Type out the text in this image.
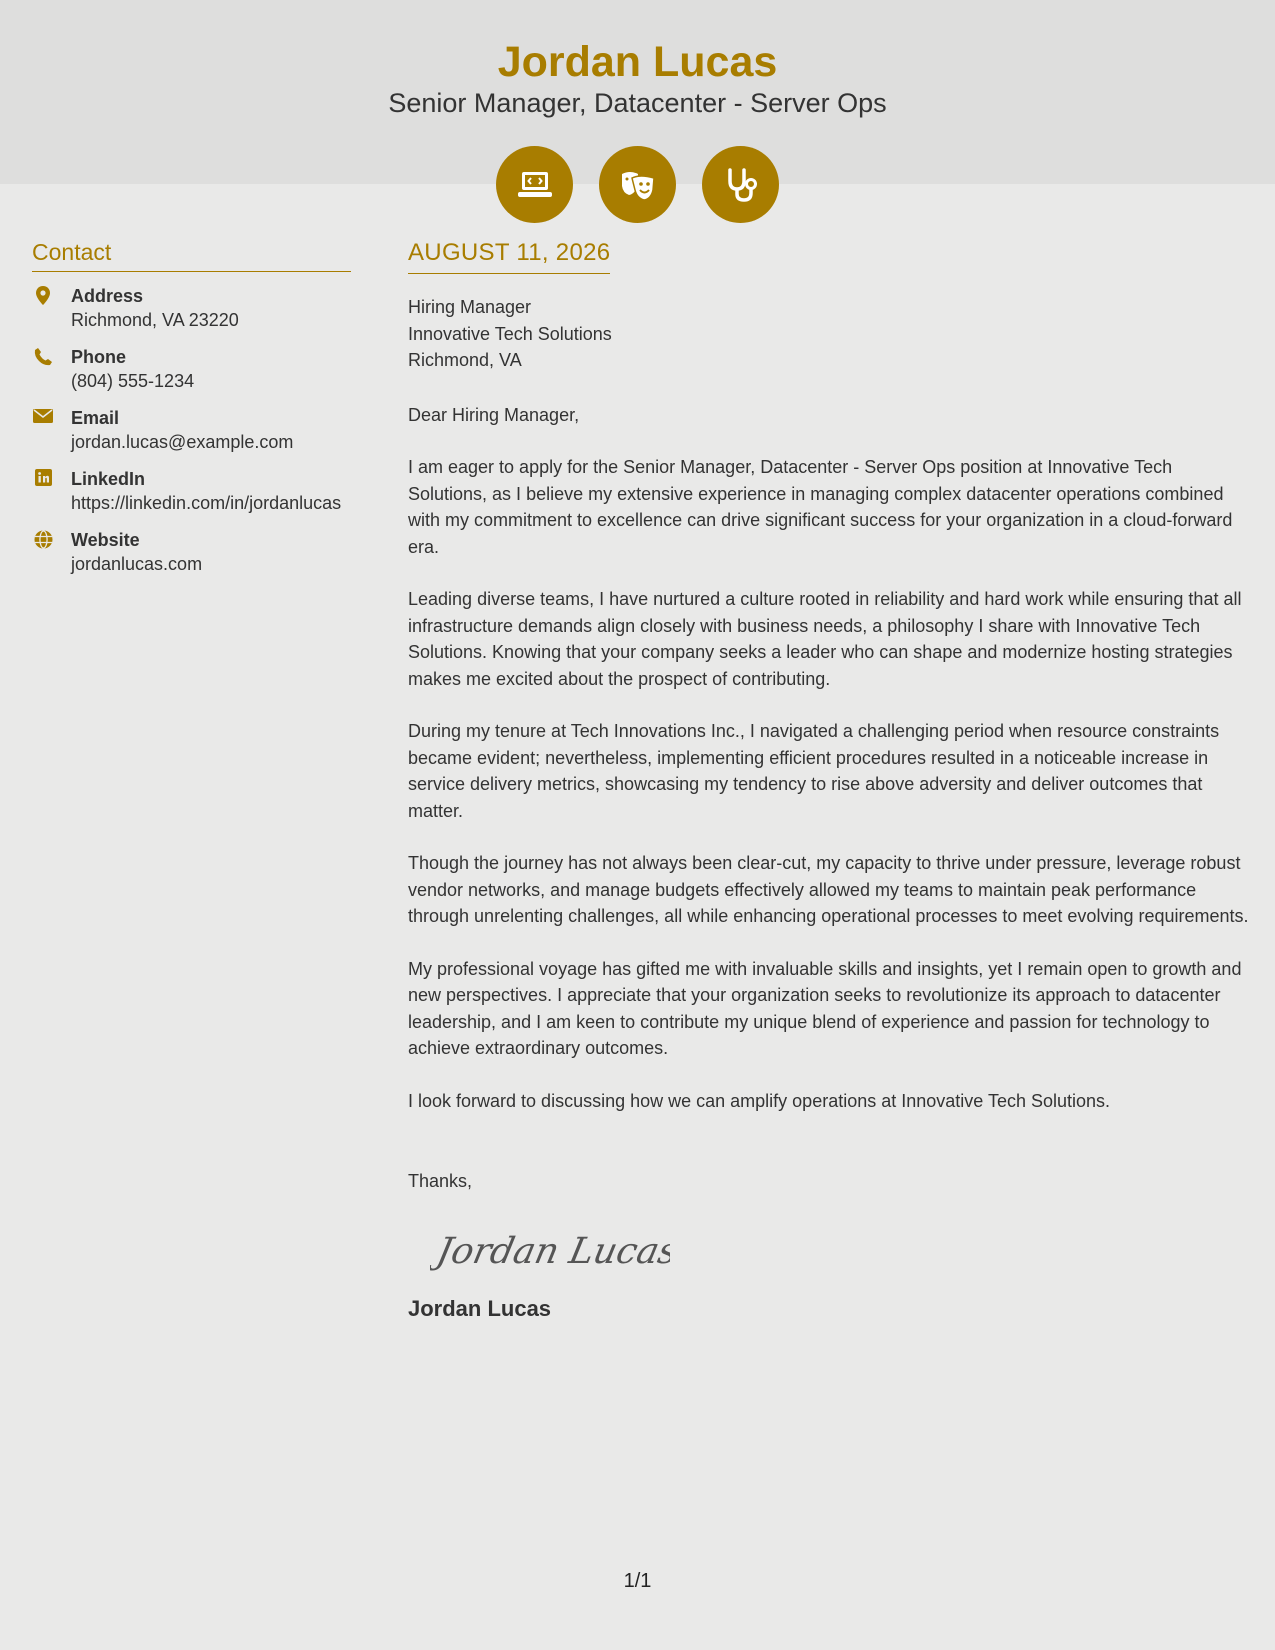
Jordan Lucas
Senior Manager, Datacenter - Server Ops
Contact
Address
Richmond, VA 23220
Phone
(804) 555-1234
Email
jordan.lucas@example.com
LinkedIn
https://linkedin.com/in/jordanlucas
Website
jordanlucas.com
AUGUST 11, 2026
Hiring Manager
Innovative Tech Solutions
Richmond, VA
Dear Hiring Manager,
I am eager to apply for the Senior Manager, Datacenter - Server Ops position at Innovative Tech Solutions, as I believe my extensive experience in managing complex datacenter operations combined with my commitment to excellence can drive significant success for your organization in a cloud-forward era.
Leading diverse teams, I have nurtured a culture rooted in reliability and hard work while ensuring that all infrastructure demands align closely with business needs, a philosophy I share with Innovative Tech Solutions. Knowing that your company seeks a leader who can shape and modernize hosting strategies makes me excited about the prospect of contributing.
During my tenure at Tech Innovations Inc., I navigated a challenging period when resource constraints became evident; nevertheless, implementing efficient procedures resulted in a noticeable increase in service delivery metrics, showcasing my tendency to rise above adversity and deliver outcomes that matter.
Though the journey has not always been clear-cut, my capacity to thrive under pressure, leverage robust vendor networks, and manage budgets effectively allowed my teams to maintain peak performance through unrelenting challenges, all while enhancing operational processes to meet evolving requirements.
My professional voyage has gifted me with invaluable skills and insights, yet I remain open to growth and new perspectives. I appreciate that your organization seeks to revolutionize its approach to datacenter leadership, and I am keen to contribute my unique blend of experience and passion for technology to achieve extraordinary outcomes.
I look forward to discussing how we can amplify operations at Innovative Tech Solutions.
Thanks,
Jordan Lucas
Jordan Lucas
1/1
